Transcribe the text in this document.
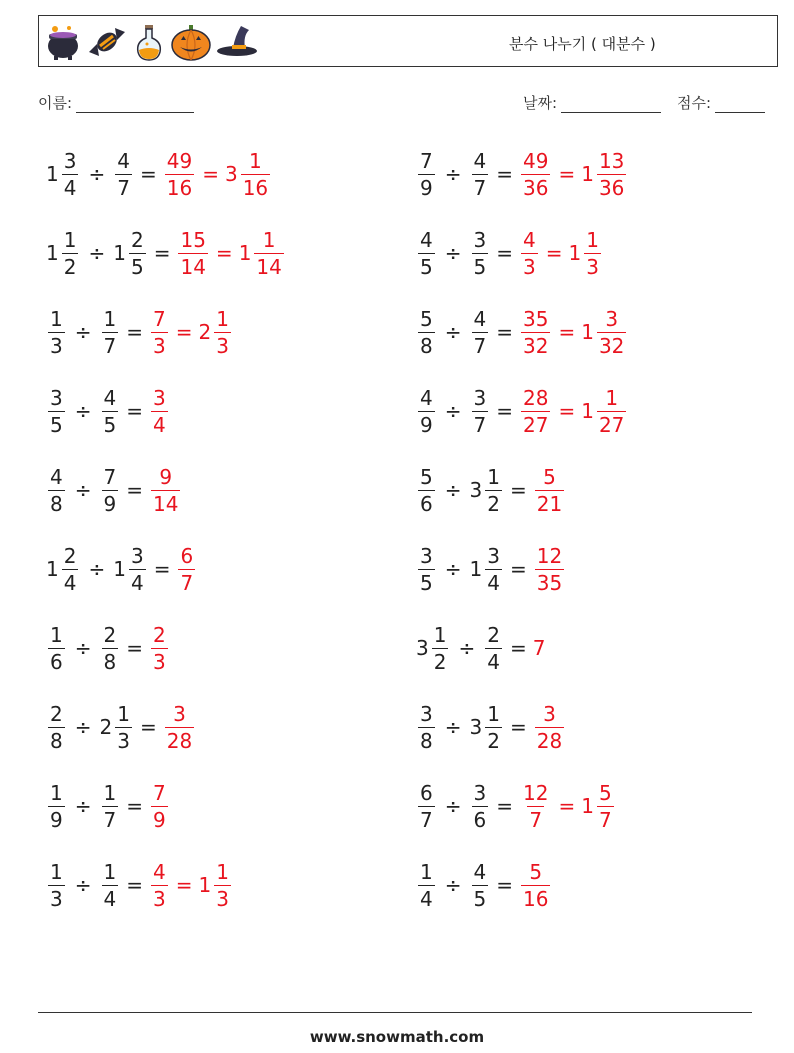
분수 나누기 ( 대분수 )
이름:	날짜:	점수:
$1 \frac{3}{4} \div \frac{4}{7} = \frac{49}{16} = 3 \frac{1}{16}$	$\frac{7}{9} \div \frac{4}{7} = \frac{49}{36} = 1 \frac{13}{36}$
$1 \frac{1}{2} \div 1 \frac{2}{5} = \frac{15}{14} = 1 \frac{1}{14}$	$\frac{4}{5} \div \frac{3}{5} = \frac{4}{3} = 1 \frac{1}{3}$
$\frac{1}{3} \div \frac{1}{7} = \frac{7}{3} = 2 \frac{1}{3}$	$\frac{5}{8} \div \frac{4}{7} = \frac{35}{32} = 1 \frac{3}{32}$
$\frac{3}{5} \div \frac{4}{5} = \frac{3}{4}$	$\frac{4}{9} \div \frac{3}{7} = \frac{28}{27} = 1 \frac{1}{27}$
$\frac{4}{8} \div \frac{7}{9} = \frac{9}{14}$	$\frac{5}{6} \div 3 \frac{1}{2} = \frac{5}{21}$
$1 \frac{2}{4} \div 1 \frac{3}{4} = \frac{6}{7}$	$\frac{3}{5} \div 1 \frac{3}{4} = \frac{12}{35}$
$\frac{1}{6} \div \frac{2}{8} = \frac{2}{3}$	$3 \frac{1}{2} \div \frac{2}{4} = 7$
$\frac{2}{8} \div 2 \frac{1}{3} = \frac{3}{28}$	$\frac{3}{8} \div 3 \frac{1}{2} = \frac{3}{28}$
$\frac{1}{9} \div \frac{1}{7} = \frac{7}{9}$	$\frac{6}{7} \div \frac{3}{6} = \frac{12}{7} = 1 \frac{5}{7}$
$\frac{1}{3} \div \frac{1}{4} = \frac{4}{3} = 1 \frac{1}{3}$	$\frac{1}{4} \div \frac{4}{5} = \frac{5}{16}$
www.snowmath.com
